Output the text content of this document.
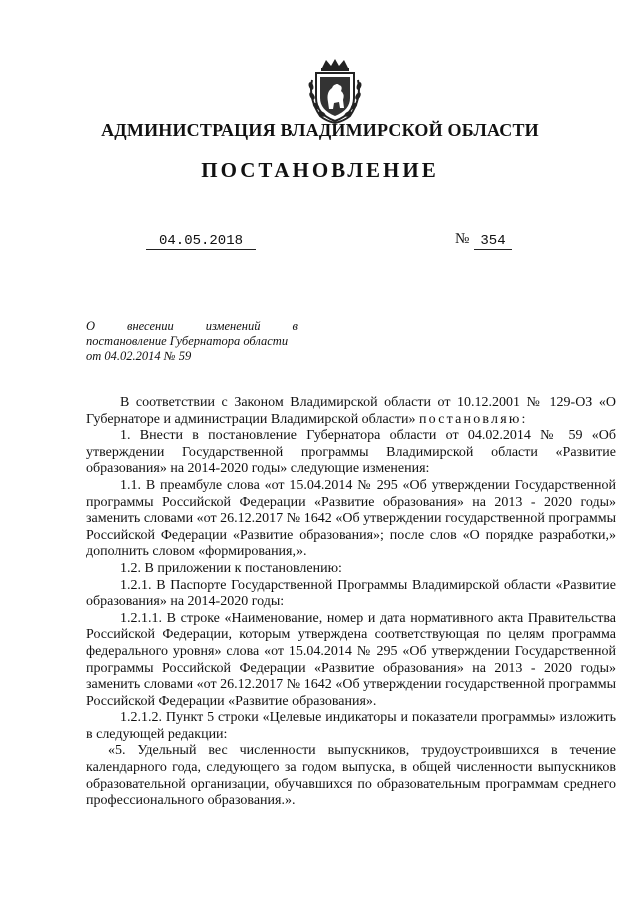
АДМИНИСТРАЦИЯ ВЛАДИМИРСКОЙ ОБЛАСТИ
ПОСТАНОВЛЕНИЕ
04.05.2018	№ 354
О	внесении	изменений	в
постановление Губернатора области
от 04.02.2014 № 59

В соответствии с Законом Владимирской области от 10.12.2001 № 129-ОЗ «О Губернаторе и администрации Владимирской области» постановляю:

1. Внести в постановление Губернатора области от 04.02.2014 № 59 «Об утверждении Государственной программы Владимирской области «Развитие образования» на 2014-2020 годы» следующие изменения:

1.1. В преамбуле слова «от 15.04.2014 № 295 «Об утверждении Государственной программы Российской Федерации «Развитие образования» на 2013 - 2020 годы» заменить словами «от 26.12.2017 № 1642 «Об утверждении государственной программы Российской Федерации «Развитие образования»; после слов «О порядке разработки,» дополнить словом «формирования,».

1.2. В приложении к постановлению:

1.2.1. В Паспорте Государственной Программы Владимирской области «Развитие образования» на 2014-2020 годы:

1.2.1.1. В строке «Наименование, номер и дата нормативного акта Правительства Российской Федерации, которым утверждена соответствующая по целям программа федерального уровня» слова «от 15.04.2014 № 295 «Об утверждении Государственной программы Российской Федерации «Развитие образования» на 2013 - 2020 годы» заменить словами «от 26.12.2017 № 1642 «Об утверждении государственной программы Российской Федерации «Развитие образования».

1.2.1.2. Пункт 5 строки «Целевые индикаторы и показатели программы» изложить в следующей редакции:

«5. Удельный вес численности выпускников, трудоустроившихся в течение календарного года, следующего за годом выпуска, в общей численности выпускников образовательной организации, обучавшихся по образовательным программам среднего профессионального образования.».
